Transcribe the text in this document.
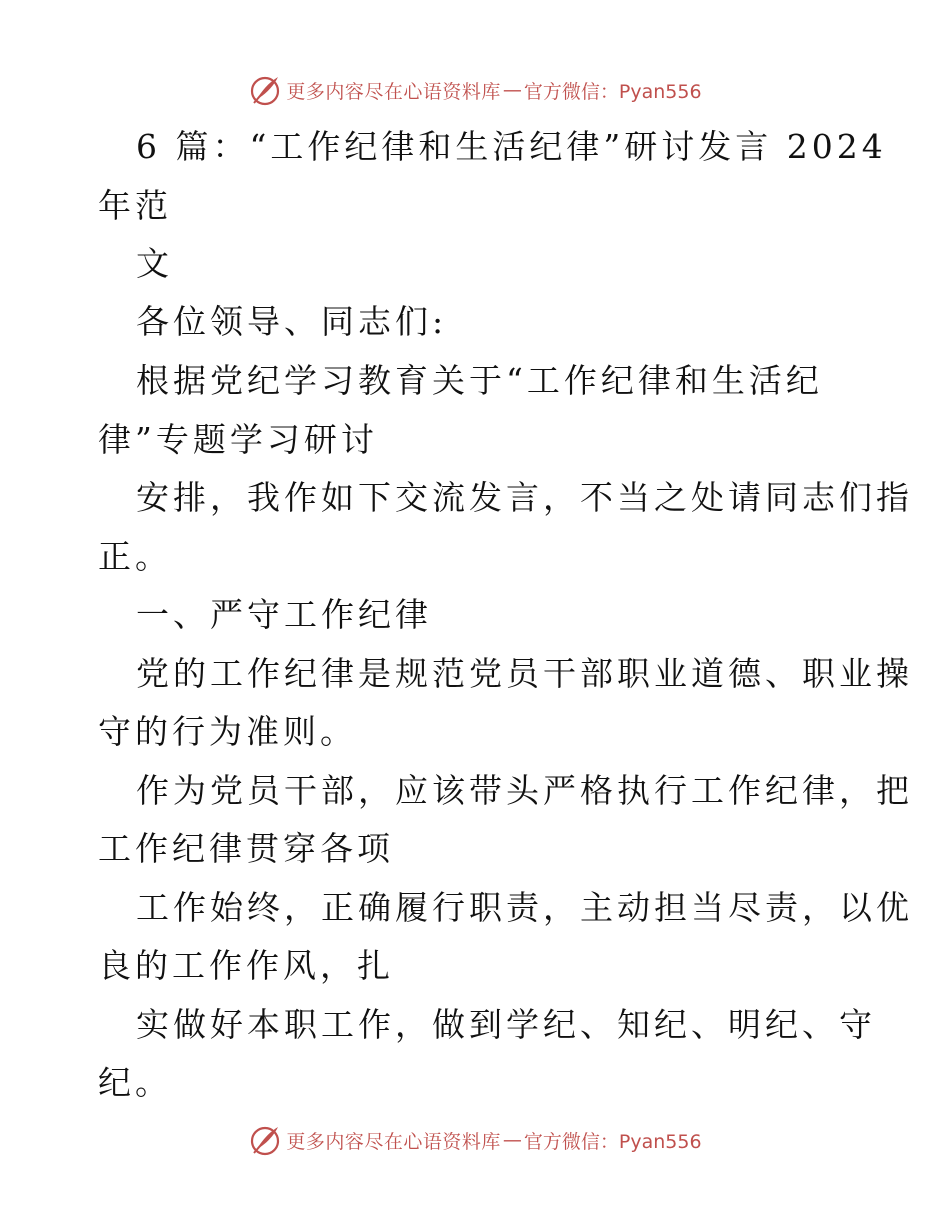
更多内容尽在心语资料库 — 官方微信：Pyan556
6 篇：“工作纪律和生活纪律”研讨发言 2024
年范
文
各位领导、同志们:
根据党纪学习教育关于“工作纪律和生活纪
律”专题学习研讨
安排，我作如下交流发言，不当之处请同志们指
正。
一、严守工作纪律
党的工作纪律是规范党员干部职业道德、职业操
守的行为准则。
作为党员干部，应该带头严格执行工作纪律，把
工作纪律贯穿各项
工作始终，正确履行职责，主动担当尽责，以优
良的工作作风，扎
实做好本职工作，做到学纪、知纪、明纪、守
纪。
更多内容尽在心语资料库 — 官方微信：Pyan556
